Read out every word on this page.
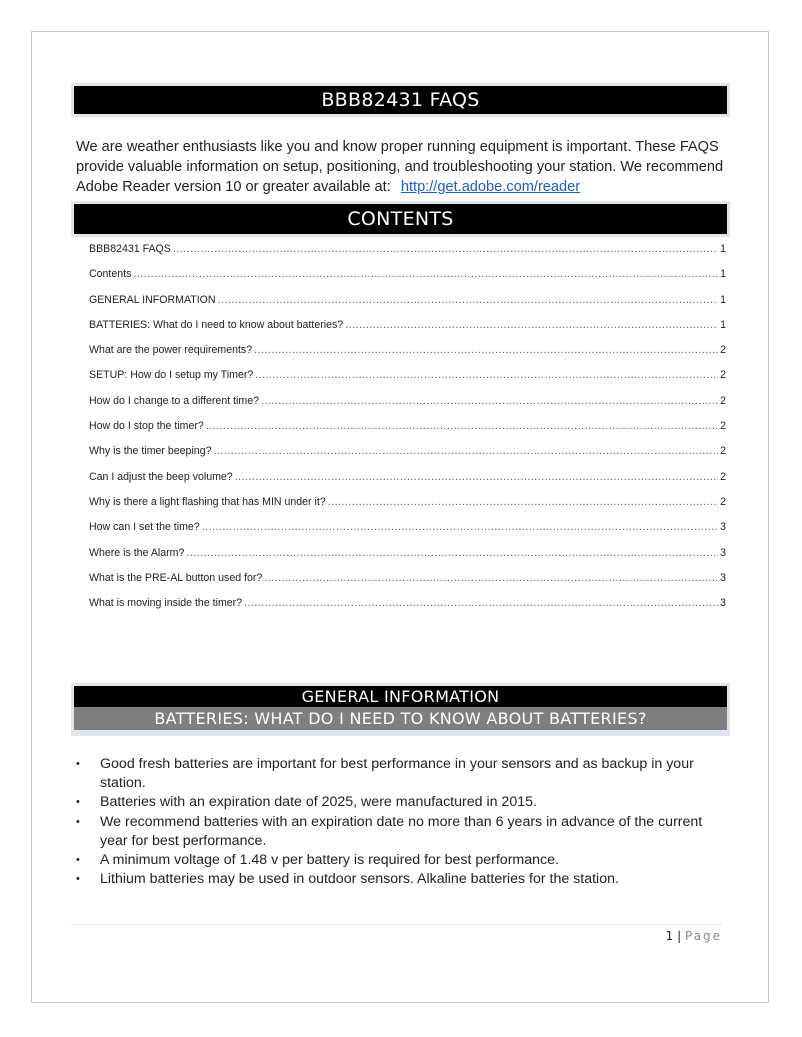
BBB82431 FAQS
We are weather enthusiasts like you and know proper running equipment is important. These FAQS provide valuable information on setup, positioning, and troubleshooting your station. We recommend Adobe Reader version 10 or greater available at: http://get.adobe.com/reader
CONTENTS
BBB82431 FAQS .....	1
Contents .....	1
GENERAL INFORMATION .....	1
BATTERIES: What do I need to know about batteries? .....	1
What are the power requirements? .....	2
SETUP: How do I setup my Timer? .....	2
How do I change to a different time? .....	2
How do I stop the timer? .....	2
Why is the timer beeping? .....	2
Can I adjust the beep volume? .....	2
Why is there a light flashing that has MIN under it? .....	2
How can I set the time? .....	3
Where is the Alarm? .....	3
What is the PRE-AL button used for? .....	3
What is moving inside the timer? .....	3
GENERAL INFORMATION
BATTERIES: WHAT DO I NEED TO KNOW ABOUT BATTERIES?
• Good fresh batteries are important for best performance in your sensors and as backup in your station.
• Batteries with an expiration date of 2025, were manufactured in 2015.
• We recommend batteries with an expiration date no more than 6 years in advance of the current year for best performance.
• A minimum voltage of 1.48 v per battery is required for best performance.
• Lithium batteries may be used in outdoor sensors. Alkaline batteries for the station.
1 | Page
